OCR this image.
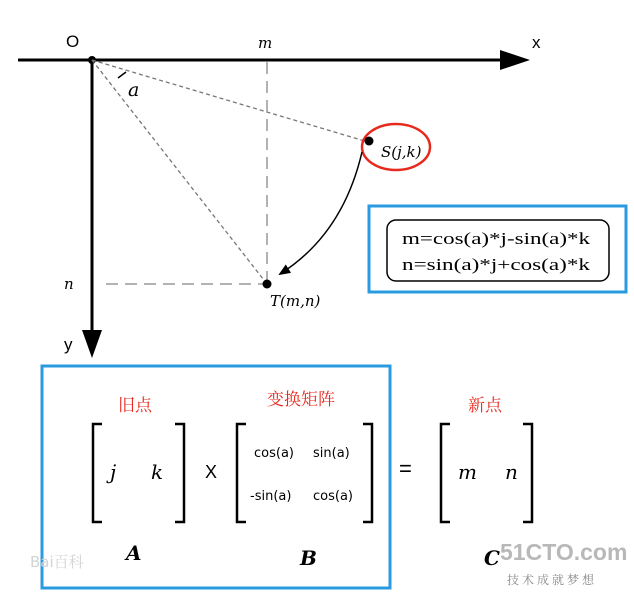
x
y
O	m
n
a
S(j,k)
T(m,n)
m=cos(a)*j-sin(a)*k
n=sin(a)*j+cos(a)*k
旧点	变换矩阵	新点
j k
A
X
cos(a) sin(a)
-sin(a) cos(a)
B
= m n
C
Bai百科	51CTO.com
技术成就梦想
